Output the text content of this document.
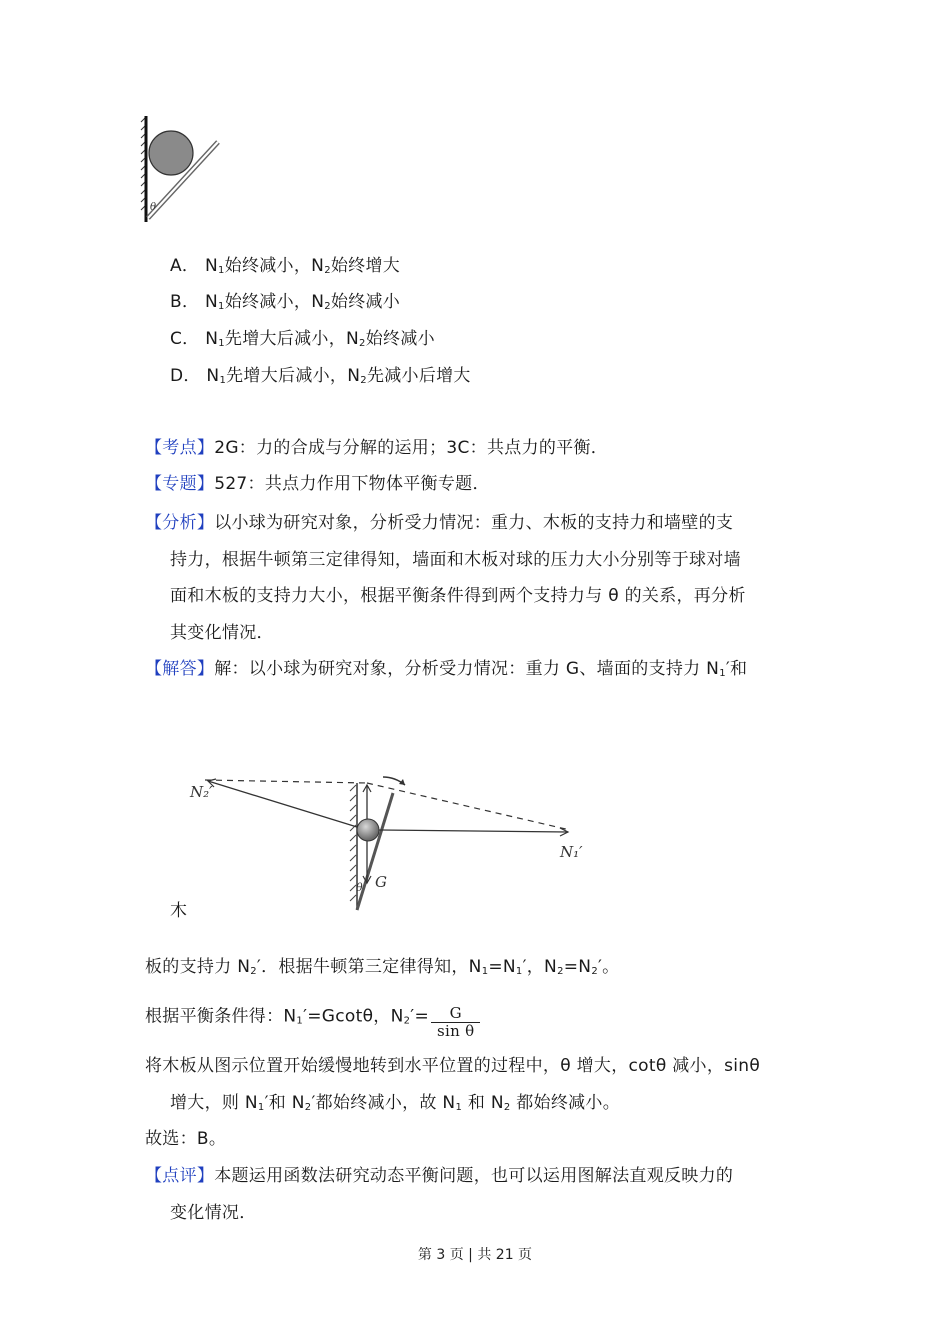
θ
A． $N_1$始终减小，$N_2$始终增大
B． $N_1$始终减小，$N_2$始终减小
C． $N_1$先增大后减小，$N_2$始终减小
D． $N_1$先增大后减小，$N_2$先减小后增大
【考点】2G：力的合成与分解的运用；3C：共点力的平衡．
【专题】527：共点力作用下物体平衡专题．
【分析】以小球为研究对象，分析受力情况：重力、木板的支持力和墙壁的支
持力，根据牛顿第三定律得知，墙面和木板对球的压力大小分别等于球对墙
面和木板的支持力大小，根据平衡条件得到两个支持力与 θ 的关系，再分析
其变化情况．
【解答】解：以小球为研究对象，分析受力情况：重力 G、墙面的支持力 $N_1'$和
N₂′
N₁′
G
θ
木
板的支持力 $N_2'$．根据牛顿第三定律得知，$N_1=N_1'$，$N_2=N_2'$。
根据平衡条件得：$N_1'=Gcot\theta$，$N_2'= \frac{G}{\text{sin θ}}$
将木板从图示位置开始缓慢地转到水平位置的过程中，θ 增大，cotθ 减小，sinθ
增大，则 $N_1'$和 $N_2'$都始终减小，故 $N_1$ 和 $N_2$ 都始终减小。
故选：B。
【点评】本题运用函数法研究动态平衡问题，也可以运用图解法直观反映力的
变化情况．
第 3 页 | 共 21 页
